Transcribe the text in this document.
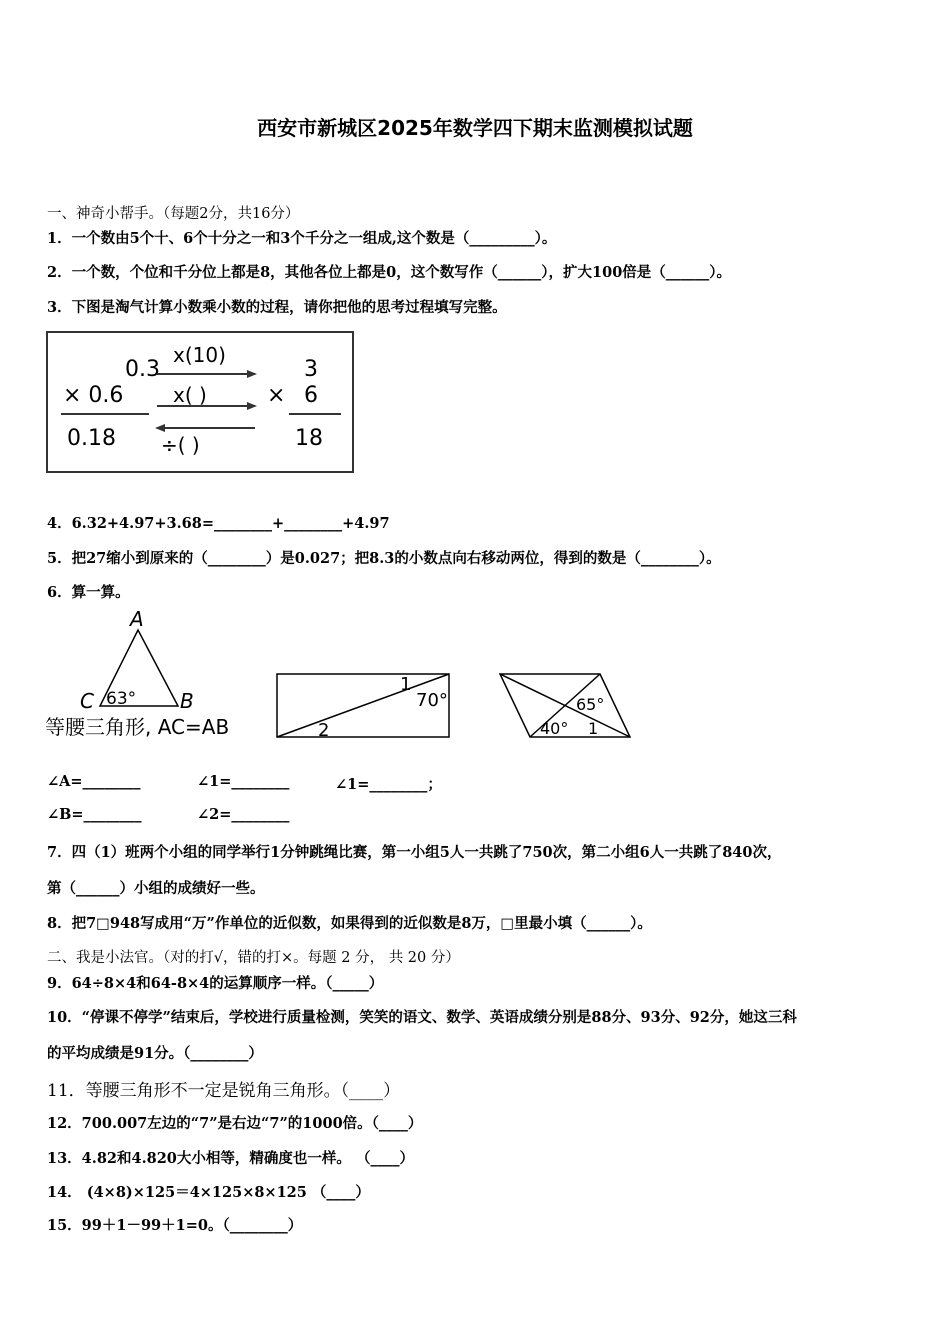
西安市新城区2025年数学四下期末监测模拟试题
一、神奇小帮手。（每题2分，共16分）
1．一个数由5个十、6个十分之一和3个千分之一组成,这个数是（_________）。
2．一个数，个位和千分位上都是8，其他各位上都是0，这个数写作（______），扩大100倍是（______）。
3．下图是淘气计算小数乘小数的过程，请你把他的思考过程填写完整。
0.3
× 0.6
0.18
x(10)
x( )
÷( )
×
3
6
18
4．6.32+4.97+3.68=________+________+4.97
5．把27缩小到原来的（________）是0.027；把8.3的小数点向右移动两位，得到的数是（________）。
6．算一算。
A
C	B
63°
等腰三角形, AC=AB
1
70°
2
65°
40° 1
∠A=________	∠1=________	∠1=________；
∠B=________	∠2=________
7．四（1）班两个小组的同学举行1分钟跳绳比赛，第一小组5人一共跳了750次，第二小组6人一共跳了840次，
第（______）小组的成绩好一些。
8．把7□948写成用“万”作单位的近似数，如果得到的近似数是8万，□里最小填（______）。
二、我是小法官。（对的打√，错的打×。每题 2 分， 共 20 分）
9．64÷8×4和64-8×4的运算顺序一样。（_____）
10．“停课不停学”结束后，学校进行质量检测，笑笑的语文、数学、英语成绩分别是88分、93分、92分，她这三科
的平均成绩是91分。（________）
11．等腰三角形不一定是锐角三角形。（____）
12．700.007左边的“7”是右边“7”的1000倍。（____）
13．4.82和4.820大小相等，精确度也一样。 （____）
14． (4×8)×125＝4×125×8×125 （____）
15．99＋1－99＋1=0。（________）
